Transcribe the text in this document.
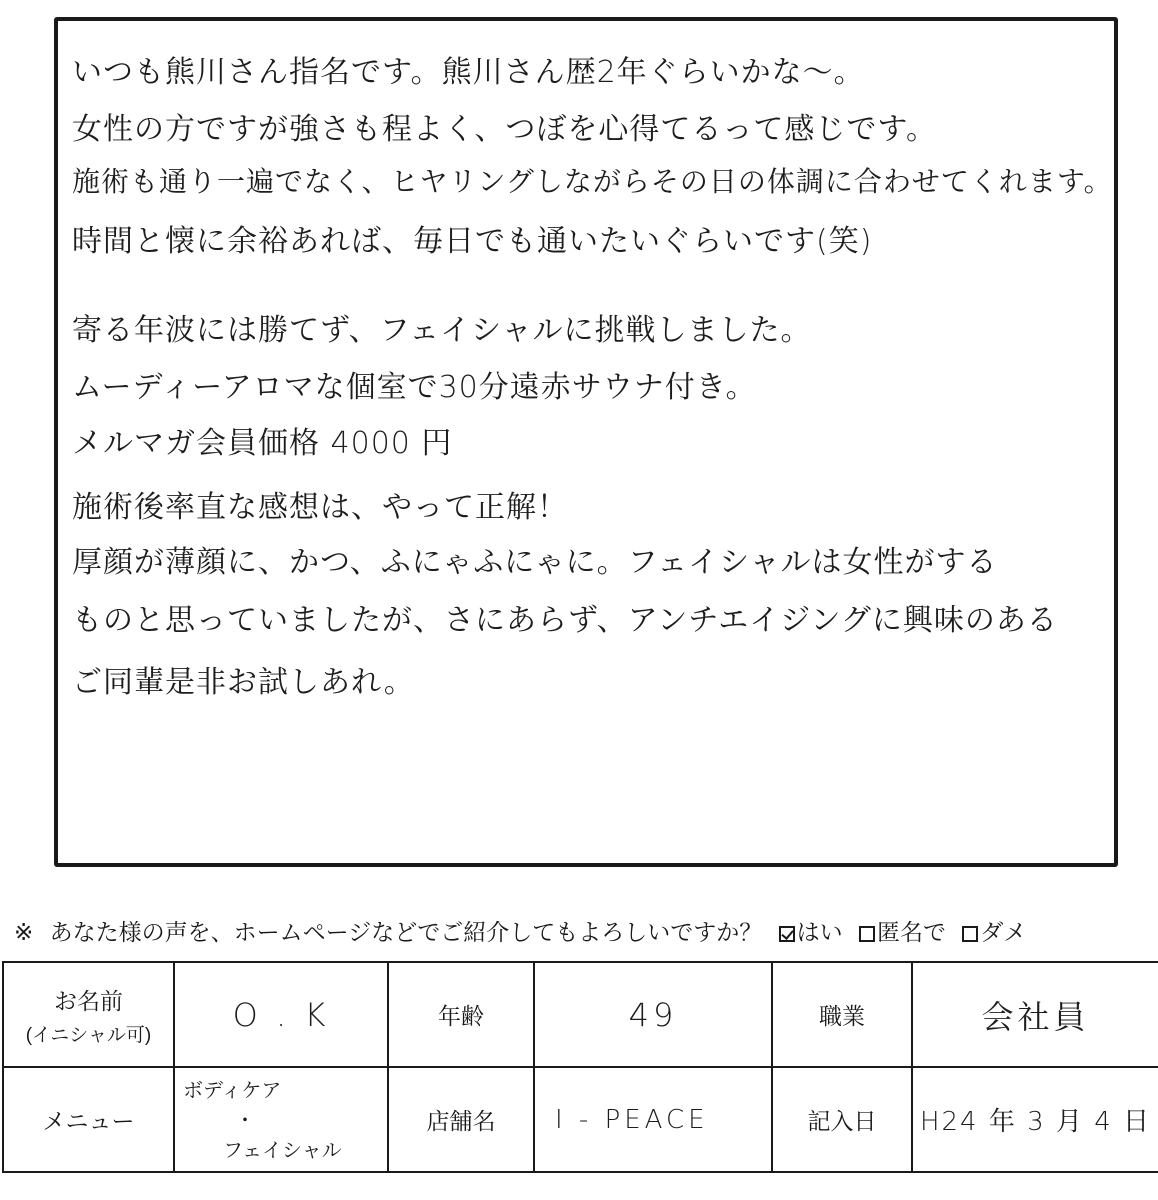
いつも熊川さん指名です。熊川さん歴2年ぐらいかな〜。
女性の方ですが強さも程よく、つぼを心得てるって感じです。
施術も通り一遍でなく、ヒヤリングしながらその日の体調に合わせてくれます。
時間と懐に余裕あれば、毎日でも通いたいぐらいです(笑)
寄る年波には勝てず、フェイシャルに挑戦しました。
ムーディーアロマな個室で30分遠赤サウナ付き。
メルマガ会員価格 4000 円
施術後率直な感想は、やって正解！
厚顔が薄顔に、かつ、ふにゃふにゃに。フェイシャルは女性がする
ものと思っていましたが、さにあらず、アンチエイジングに興味のある
ご同輩是非お試しあれ。
※ あなた様の声を、ホームページなどでご紹介してもよろしいですか？ はい 匿名で ダメ
お名前
(イニシャル可)	O . K	年齢	49	職業	会社員
メニュー	ボディケア
・
フェイシャル	店舗名	I - PEACE	記入日	H24 年 3 月 4 日
